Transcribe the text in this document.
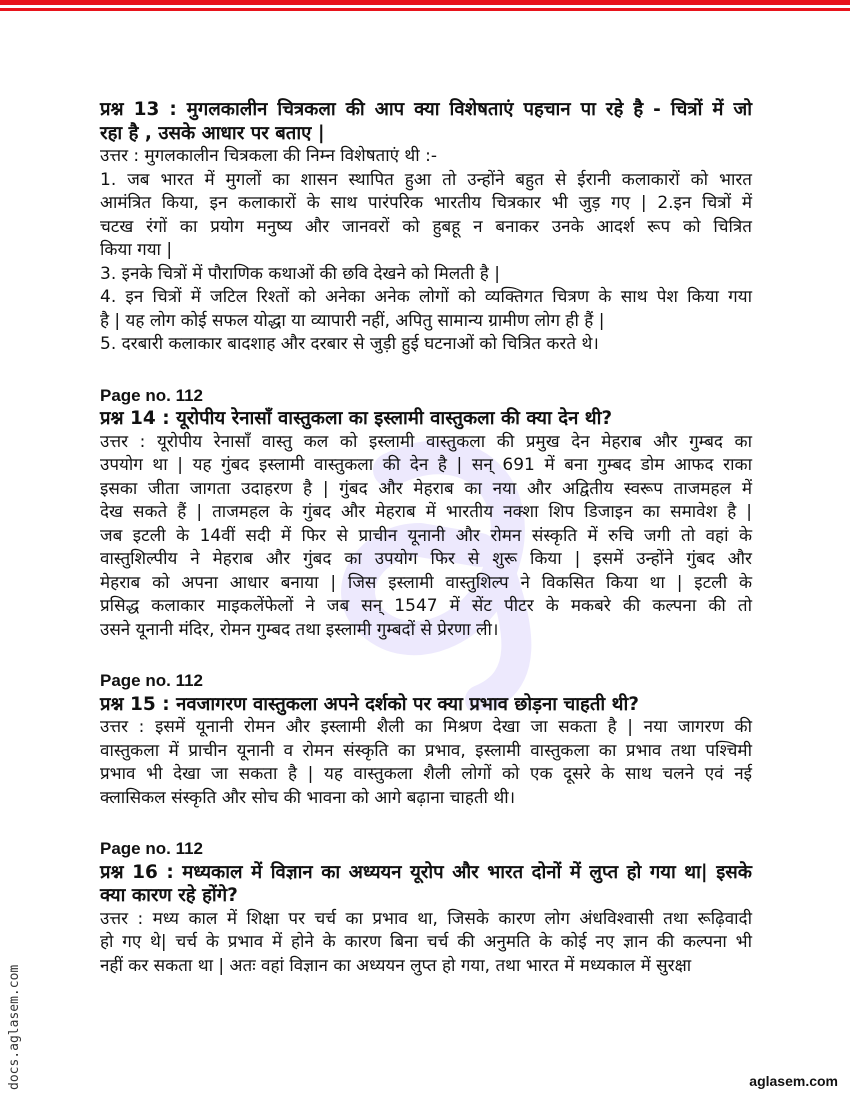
प्रश्न 13 : मुगलकालीन चित्रकला की आप क्या विशेषताएं पहचान पा रहे है - चित्रों में जो
रहा है , उसके आधार पर बताए |
उत्तर : मुगलकालीन चित्रकला की निम्न विशेषताएं थी :-
1. जब भारत में मुगलों का शासन स्थापित हुआ तो उन्होंने बहुत से ईरानी कलाकारों को भारत
आमंत्रित किया, इन कलाकारों के साथ पारंपरिक भारतीय चित्रकार भी जुड़ गए | 2.इन चित्रों में
चटख रंगों का प्रयोग मनुष्य और जानवरों को हुबहू न बनाकर उनके आदर्श रूप को चित्रित
किया गया |
3. इनके चित्रों में पौराणिक कथाओं की छवि देखने को मिलती है |
4. इन चित्रों में जटिल रिश्तों को अनेका अनेक लोगों को व्यक्तिगत चित्रण के साथ पेश किया गया
है | यह लोग कोई सफल योद्धा या व्यापारी नहीं, अपितु सामान्य ग्रामीण लोग ही हैं |
5. दरबारी कलाकार बादशाह और दरबार से जुड़ी हुई घटनाओं को चित्रित करते थे।
Page no. 112
प्रश्न 14 : यूरोपीय रेनासाँ वास्तुकला का इस्लामी वास्तुकला की क्या देन थी?
उत्तर : यूरोपीय रेनासाँ वास्तु कल को इस्लामी वास्तुकला की प्रमुख देन मेहराब और गुम्बद का
उपयोग था | यह गुंबद इस्लामी वास्तुकला की देन है | सन् 691 में बना गुम्बद डोम आफद राका
इसका जीता जागता उदाहरण है | गुंबद और मेहराब का नया और अद्वितीय स्वरूप ताजमहल में
देख सकते हैं | ताजमहल के गुंबद और मेहराब में भारतीय नक्शा शिप डिजाइन का समावेश है |
जब इटली के 14वीं सदी में फिर से प्राचीन यूनानी और रोमन संस्कृति में रुचि जगी तो वहां के
वास्तुशिल्पीय ने मेहराब और गुंबद का उपयोग फिर से शुरू किया | इसमें उन्होंने गुंबद और
मेहराब को अपना आधार बनाया | जिस इस्लामी वास्तुशिल्प ने विकसित किया था | इटली के
प्रसिद्ध कलाकार माइकलेंफेलों ने जब सन् 1547 में सेंट पीटर के मकबरे की कल्पना की तो
उसने यूनानी मंदिर, रोमन गुम्बद तथा इस्लामी गुम्बदों से प्रेरणा ली।
Page no. 112
प्रश्न 15 : नवजागरण वास्तुकला अपने दर्शको पर क्या प्रभाव छोड़ना चाहती थी?
उत्तर : इसमें यूनानी रोमन और इस्लामी शैली का मिश्रण देखा जा सकता है | नया जागरण की
वास्तुकला में प्राचीन यूनानी व रोमन संस्कृति का प्रभाव, इस्लामी वास्तुकला का प्रभाव तथा पश्चिमी
प्रभाव भी देखा जा सकता है | यह वास्तुकला शैली लोगों को एक दूसरे के साथ चलने एवं नई
क्लासिकल संस्कृति और सोच की भावना को आगे बढ़ाना चाहती थी।
Page no. 112
प्रश्न 16 : मध्यकाल में विज्ञान का अध्ययन यूरोप और भारत दोनों में लुप्त हो गया था| इसके
क्या कारण रहे होंगे?
उत्तर : मध्य काल में शिक्षा पर चर्च का प्रभाव था, जिसके कारण लोग अंधविश्वासी तथा रूढ़िवादी
हो गए थे| चर्च के प्रभाव में होने के कारण बिना चर्च की अनुमति के कोई नए ज्ञान की कल्पना भी
नहीं कर सकता था | अतः वहां विज्ञान का अध्ययन लुप्त हो गया, तथा भारत में मध्यकाल में सुरक्षा
docs.aglasem.com	aglasem.com
